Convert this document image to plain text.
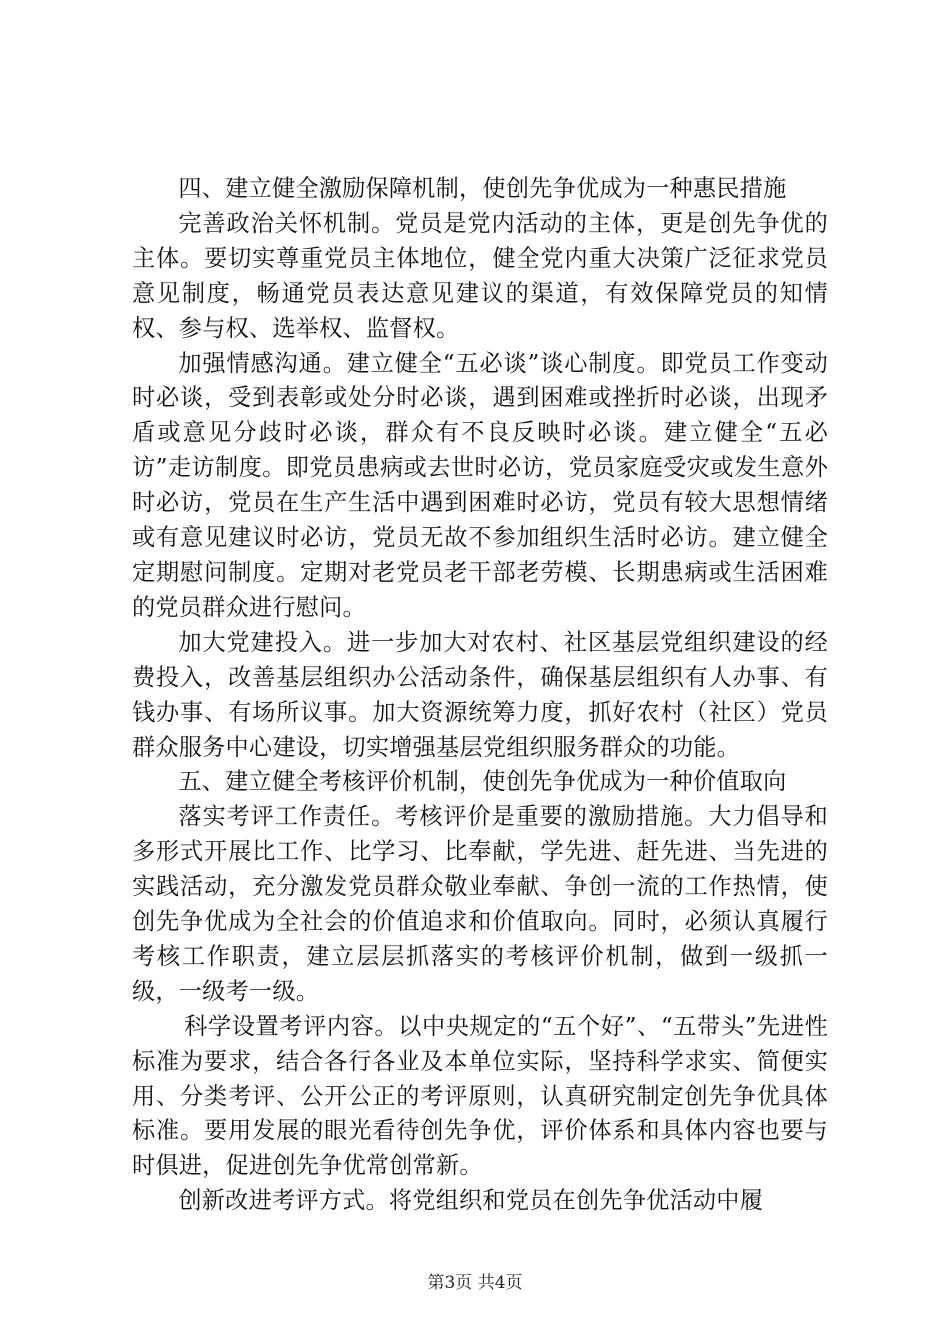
四、建立健全激励保障机制，使创先争优成为一种惠民措施

完善政治关怀机制。党员是党内活动的主体，更是创先争优的主体。要切实尊重党员主体地位，健全党内重大决策广泛征求党员意见制度，畅通党员表达意见建议的渠道，有效保障党员的知情权、参与权、选举权、监督权。

加强情感沟通。建立健全“五必谈”谈心制度。即党员工作变动时必谈，受到表彰或处分时必谈，遇到困难或挫折时必谈，出现矛盾或意见分歧时必谈，群众有不良反映时必谈。建立健全“五必访”走访制度。即党员患病或去世时必访，党员家庭受灾或发生意外时必访，党员在生产生活中遇到困难时必访，党员有较大思想情绪或有意见建议时必访，党员无故不参加组织生活时必访。建立健全定期慰问制度。定期对老党员老干部老劳模、长期患病或生活困难的党员群众进行慰问。

加大党建投入。进一步加大对农村、社区基层党组织建设的经费投入，改善基层组织办公活动条件，确保基层组织有人办事、有钱办事、有场所议事。加大资源统筹力度，抓好农村（社区）党员群众服务中心建设，切实增强基层党组织服务群众的功能。

五、建立健全考核评价机制，使创先争优成为一种价值取向

落实考评工作责任。考核评价是重要的激励措施。大力倡导和多形式开展比工作、比学习、比奉献，学先进、赶先进、当先进的实践活动，充分激发党员群众敬业奉献、争创一流的工作热情，使创先争优成为全社会的价值追求和价值取向。同时，必须认真履行考核工作职责，建立层层抓落实的考核评价机制，做到一级抓一级，一级考一级。

科学设置考评内容。以中央规定的“五个好”、“五带头”先进性标准为要求，结合各行各业及本单位实际，坚持科学求实、简便实用、分类考评、公开公正的考评原则，认真研究制定创先争优具体标准。要用发展的眼光看待创先争优，评价体系和具体内容也要与时俱进，促进创先争优常创常新。

创新改进考评方式。将党组织和党员在创先争优活动中履

第3页 共4页
